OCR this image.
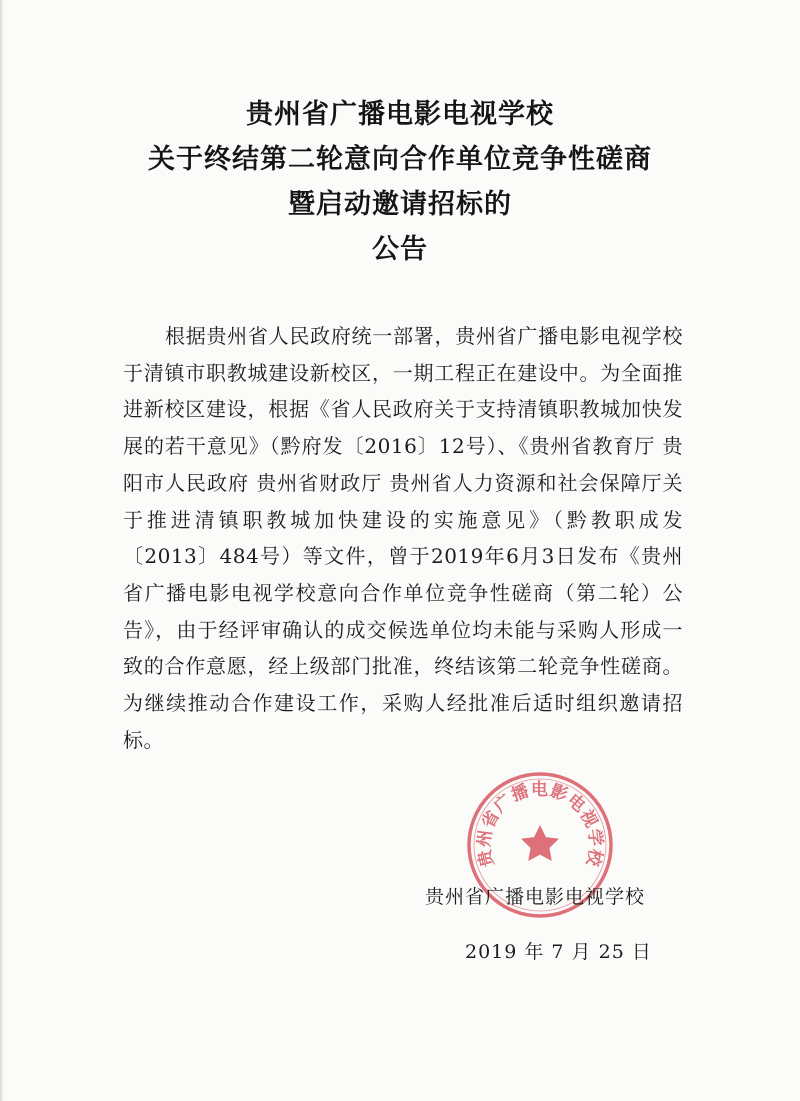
贵州省广播电影电视学校
关于终结第二轮意向合作单位竞争性磋商
暨启动邀请招标的
公告

根据贵州省人民政府统一部署，贵州省广播电影电视学校于清镇市职教城建设新校区，一期工程正在建设中。为全面推进新校区建设，根据《省人民政府关于支持清镇职教城加快发展的若干意见》（黔府发〔2016〕12号）、《贵州省教育厅 贵阳市人民政府 贵州省财政厅 贵州省人力资源和社会保障厅关于推进清镇职教城加快建设的实施意见》（黔教职成发〔2013〕484号）等文件，曾于2019年6月3日发布《贵州省广播电影电视学校意向合作单位竞争性磋商（第二轮）公告》，由于经评审确认的成交候选单位均未能与采购人形成一致的合作意愿，经上级部门批准，终结该第二轮竞争性磋商。为继续推动合作建设工作，采购人经批准后适时组织邀请招标。

贵州省广播电影电视学校
贵州省广播电影电视学校
2019 年 7 月 25 日
